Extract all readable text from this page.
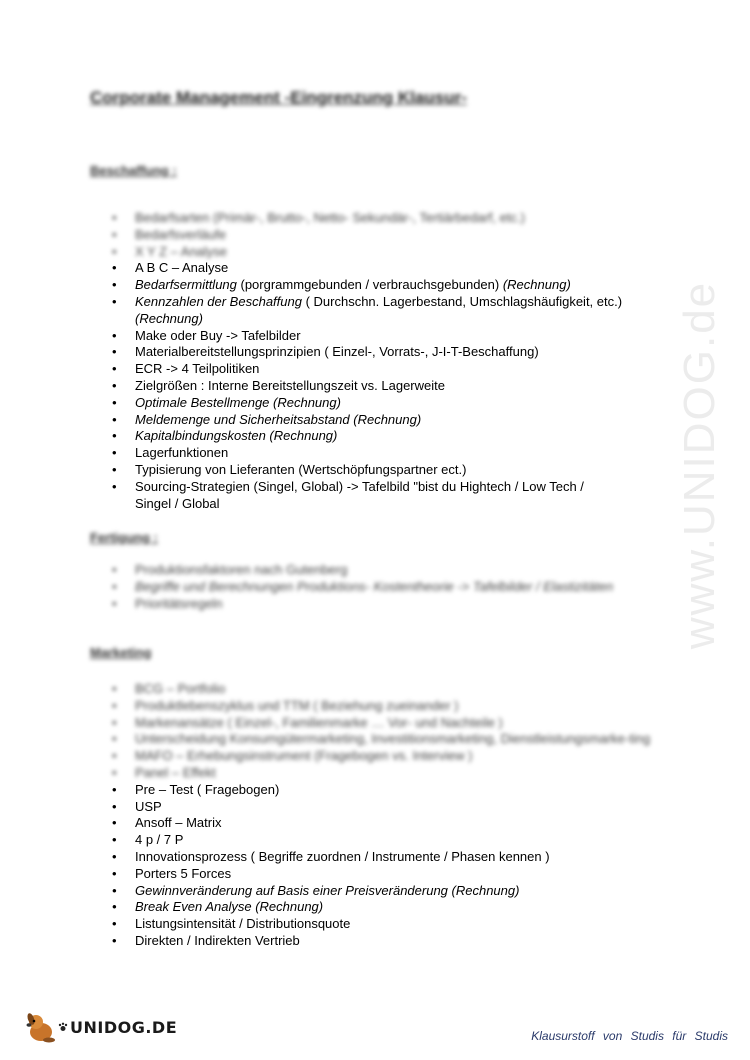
www.UNIDOG.de
Corporate Management -Eingrenzung Klausur-
Beschaffung :
• Bedarfsarten (Primär-, Brutto-, Netto- Sekundär-, Tertiärbedarf, etc.)
• Bedarfsverläufe
• X Y Z – Analyse
• A B C – Analyse
• Bedarfsermittlung (porgrammgebunden / verbrauchsgebunden) (Rechnung)
• Kennzahlen der Beschaffung ( Durchschn. Lagerbestand, Umschlagshäufigkeit, etc.)
(Rechnung)
• Make oder Buy -> Tafelbilder
• Materialbereitstellungsprinzipien ( Einzel-, Vorrats-, J-I-T-Beschaffung)
• ECR -> 4 Teilpolitiken
• Zielgrößen : Interne Bereitstellungszeit vs. Lagerweite
• Optimale Bestellmenge (Rechnung)
• Meldemenge und Sicherheitsabstand (Rechnung)
• Kapitalbindungskosten (Rechnung)
• Lagerfunktionen
• Typisierung von Lieferanten (Wertschöpfungspartner ect.)
• Sourcing-Strategien (Singel, Global) -> Tafelbild "bist du Hightech / Low Tech / Singel / Global
Fertigung :
• Produktionsfaktoren nach Gutenberg
• Begriffe und Berechnungen Produktions- Kostentheorie -> Tafelbilder / Elastizitäten
• Prioritätsregeln
Marketing
• BCG – Portfolio
• Produktlebenszyklus und TTM ( Beziehung zueinander )
• Markenansätze ( Einzel-, Familienmarke … Vor- und Nachteile )
• Unterscheidung Konsumgütermarketing, Investitionsmarketing, Dienstleistungsmarke-ting
• MAFO – Erhebungsinstrument (Fragebogen vs. Interview )
• Panel – Effekt
• Pre – Test ( Fragebogen)
• USP
• Ansoff – Matrix
• 4 p / 7 P
• Innovationsprozess ( Begriffe zuordnen / Instrumente / Phasen kennen )
• Porters 5 Forces
• Gewinnveränderung auf Basis einer Preisveränderung (Rechnung)
• Break Even Analyse (Rechnung)
• Listungsintensität / Distributionsquote
• Direkten / Indirekten Vertrieb
UNIDOG.DE	Klausurstoff von Studis für Studis
